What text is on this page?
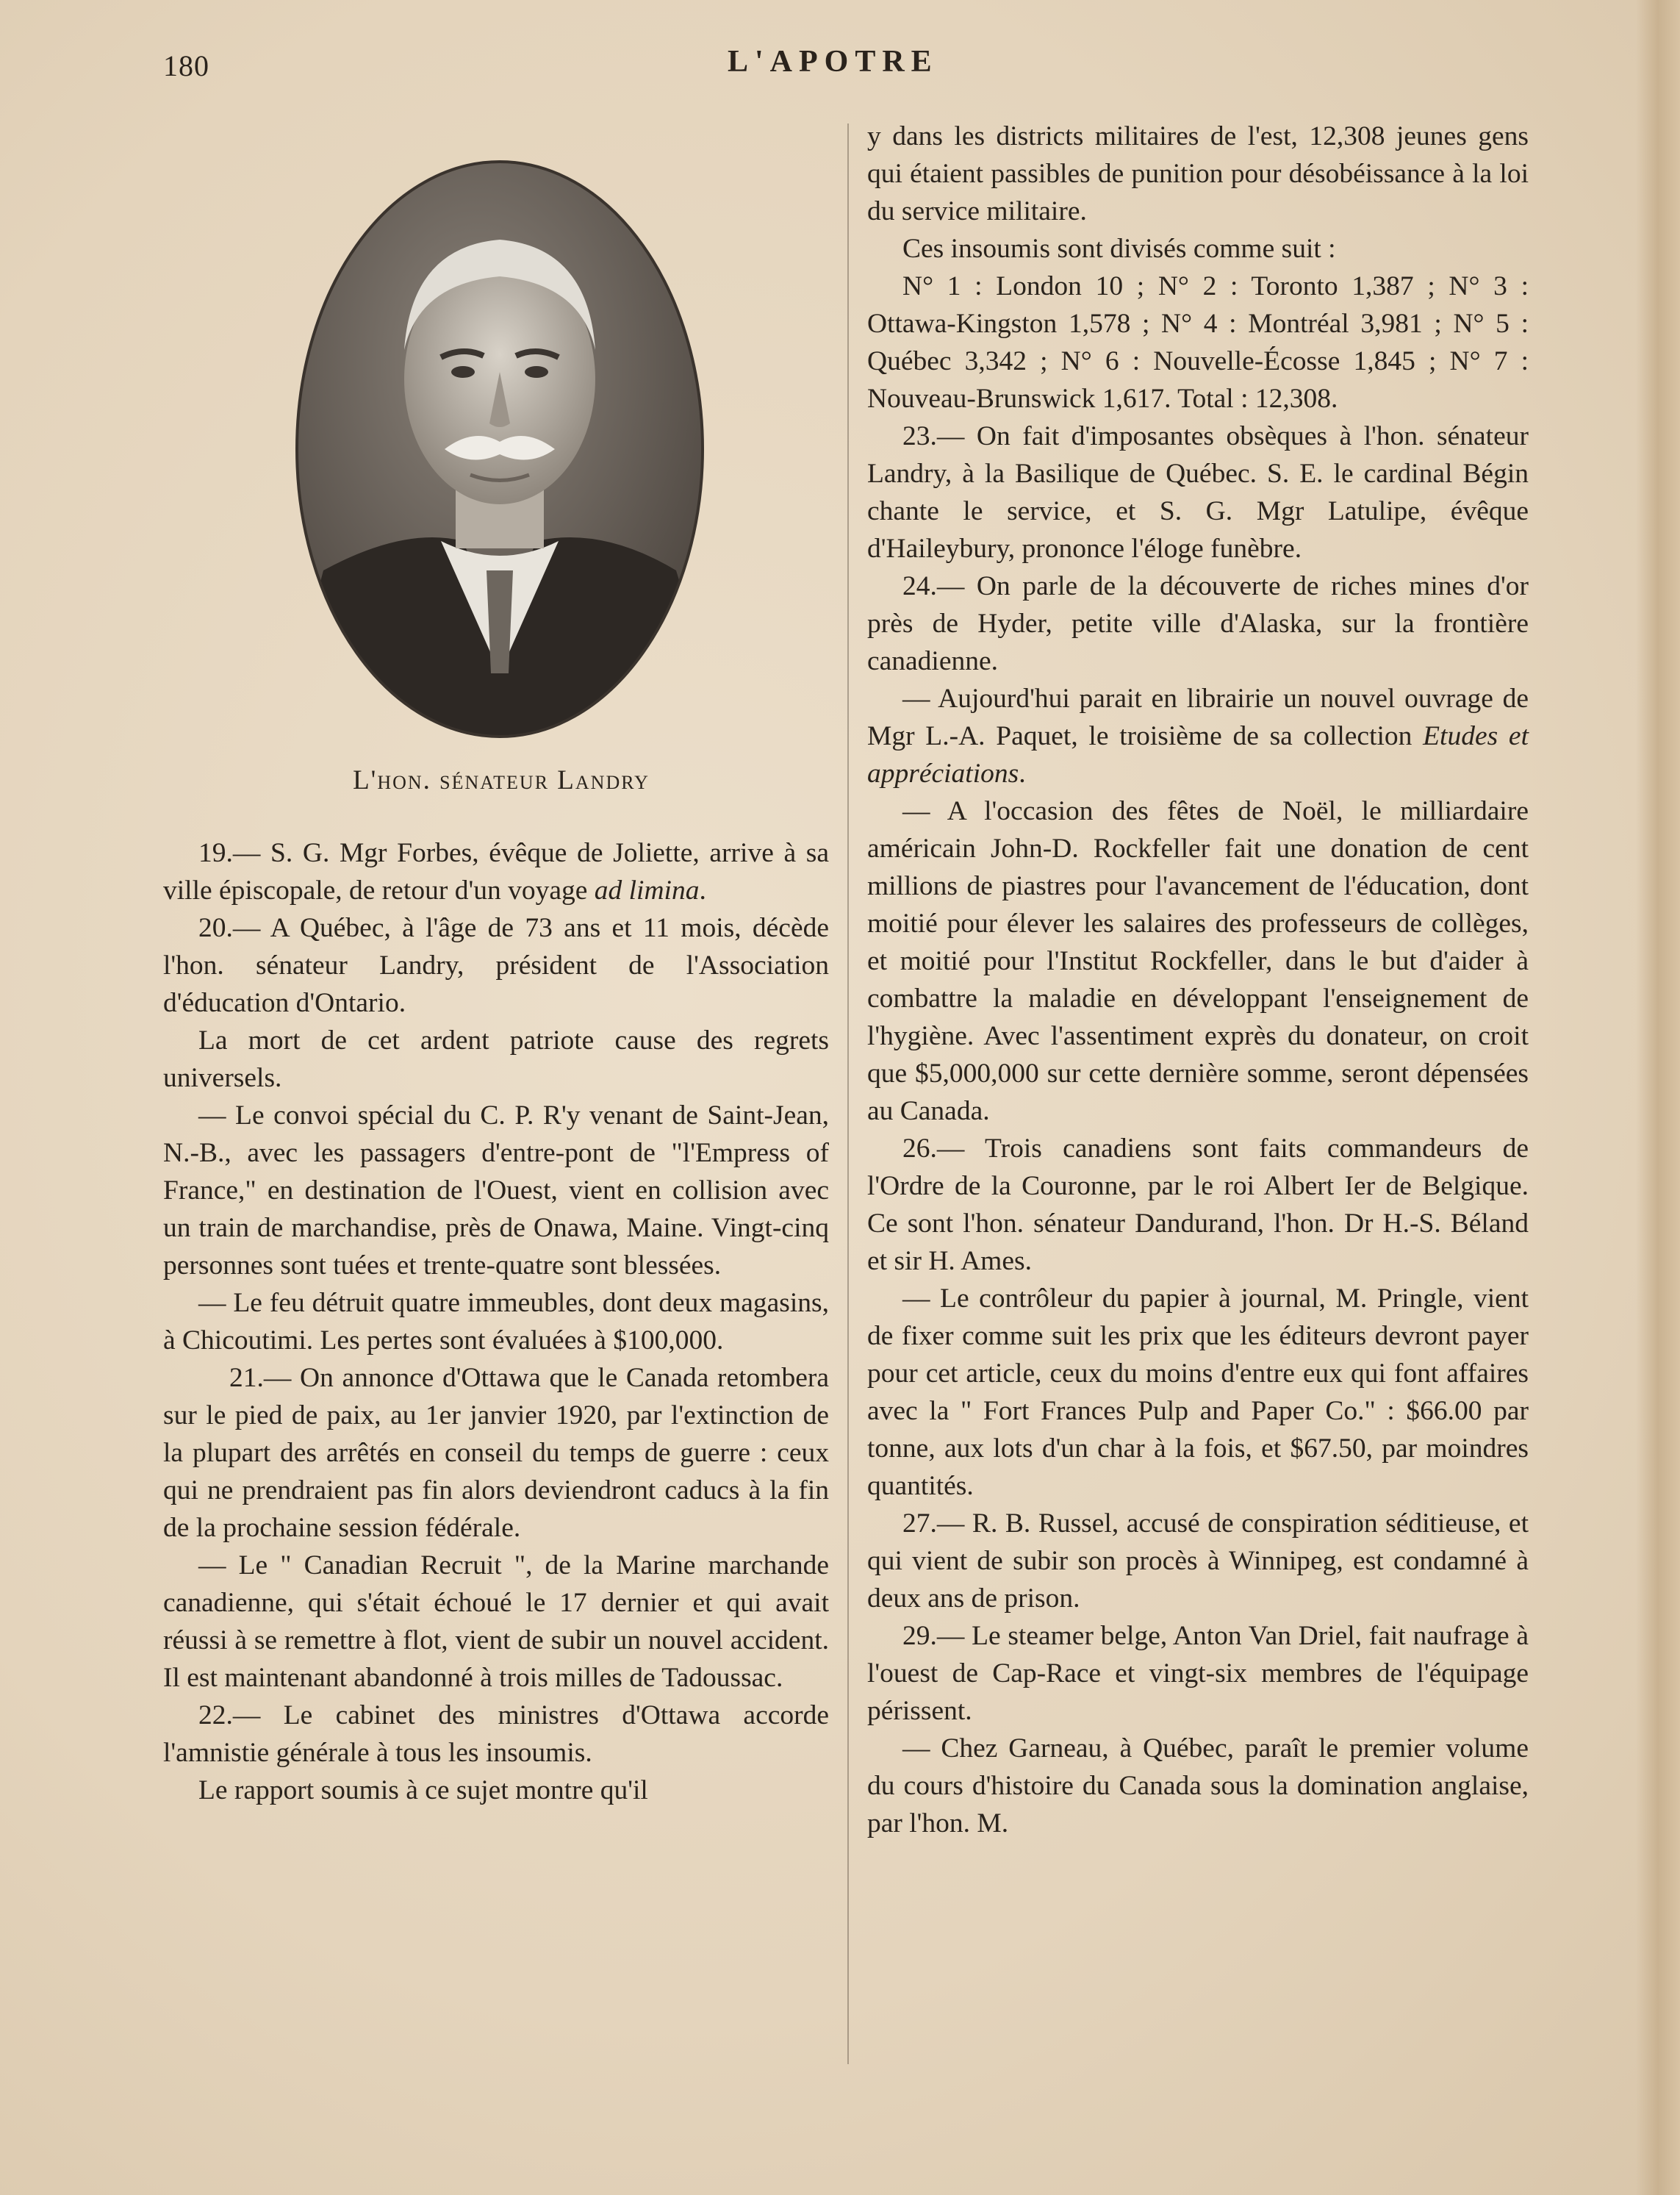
180	L'APOTRE
L'hon. sénateur Landry

19.— S. G. Mgr Forbes, évêque de Joliette, arrive à sa ville épiscopale, de retour d'un voyage ad limina.

20.— A Québec, à l'âge de 73 ans et 11 mois, décède l'hon. sénateur Landry, président de l'Association d'éducation d'Ontario.

La mort de cet ardent patriote cause des regrets universels.

— Le convoi spécial du C. P. R'y venant de Saint-Jean, N.-B., avec les passagers d'entre-pont de "l'Empress of France," en destination de l'Ouest, vient en collision avec un train de marchandise, près de Onawa, Maine. Vingt-cinq personnes sont tuées et trente-quatre sont blessées.

— Le feu détruit quatre immeubles, dont deux magasins, à Chicoutimi. Les pertes sont évaluées à $100,000.

21.— On annonce d'Ottawa que le Canada retombera sur le pied de paix, au 1er janvier 1920, par l'extinction de la plupart des arrêtés en conseil du temps de guerre : ceux qui ne prendraient pas fin alors deviendront caducs à la fin de la prochaine session fédérale.

— Le " Canadian Recruit ", de la Marine marchande canadienne, qui s'était échoué le 17 dernier et qui avait réussi à se remettre à flot, vient de subir un nouvel accident. Il est maintenant abandonné à trois milles de Tadoussac.

22.— Le cabinet des ministres d'Ottawa accorde l'amnistie générale à tous les insoumis.

Le rapport soumis à ce sujet montre qu'il

y dans les districts militaires de l'est, 12,308 jeunes gens qui étaient passibles de punition pour désobéissance à la loi du service militaire.

Ces insoumis sont divisés comme suit :

N° 1 : London 10 ; N° 2 : Toronto 1,387 ; N° 3 : Ottawa-Kingston 1,578 ; N° 4 : Montréal 3,981 ; N° 5 : Québec 3,342 ; N° 6 : Nouvelle-Écosse 1,845 ; N° 7 : Nouveau-Brunswick 1,617. Total : 12,308.

23.— On fait d'imposantes obsèques à l'hon. sénateur Landry, à la Basilique de Québec. S. E. le cardinal Bégin chante le service, et S. G. Mgr Latulipe, évêque d'Haileybury, prononce l'éloge funèbre.

24.— On parle de la découverte de riches mines d'or près de Hyder, petite ville d'Alaska, sur la frontière canadienne.

— Aujourd'hui parait en librairie un nouvel ouvrage de Mgr L.-A. Paquet, le troisième de sa collection Etudes et appréciations.

— A l'occasion des fêtes de Noël, le milliardaire américain John-D. Rockfeller fait une donation de cent millions de piastres pour l'avancement de l'éducation, dont moitié pour élever les salaires des professeurs de collèges, et moitié pour l'Institut Rockfeller, dans le but d'aider à combattre la maladie en développant l'enseignement de l'hygiène. Avec l'assentiment exprès du donateur, on croit que $5,000,000 sur cette dernière somme, seront dépensées au Canada.

26.— Trois canadiens sont faits commandeurs de l'Ordre de la Couronne, par le roi Albert Ier de Belgique. Ce sont l'hon. sénateur Dandurand, l'hon. Dr H.-S. Béland et sir H. Ames.

— Le contrôleur du papier à journal, M. Pringle, vient de fixer comme suit les prix que les éditeurs devront payer pour cet article, ceux du moins d'entre eux qui font affaires avec la " Fort Frances Pulp and Paper Co." : $66.00 par tonne, aux lots d'un char à la fois, et $67.50, par moindres quantités.

27.— R. B. Russel, accusé de conspiration séditieuse, et qui vient de subir son procès à Winnipeg, est condamné à deux ans de prison.

29.— Le steamer belge, Anton Van Driel, fait naufrage à l'ouest de Cap-Race et vingt-six membres de l'équipage périssent.

— Chez Garneau, à Québec, paraît le premier volume du cours d'histoire du Canada sous la domination anglaise, par l'hon. M.
